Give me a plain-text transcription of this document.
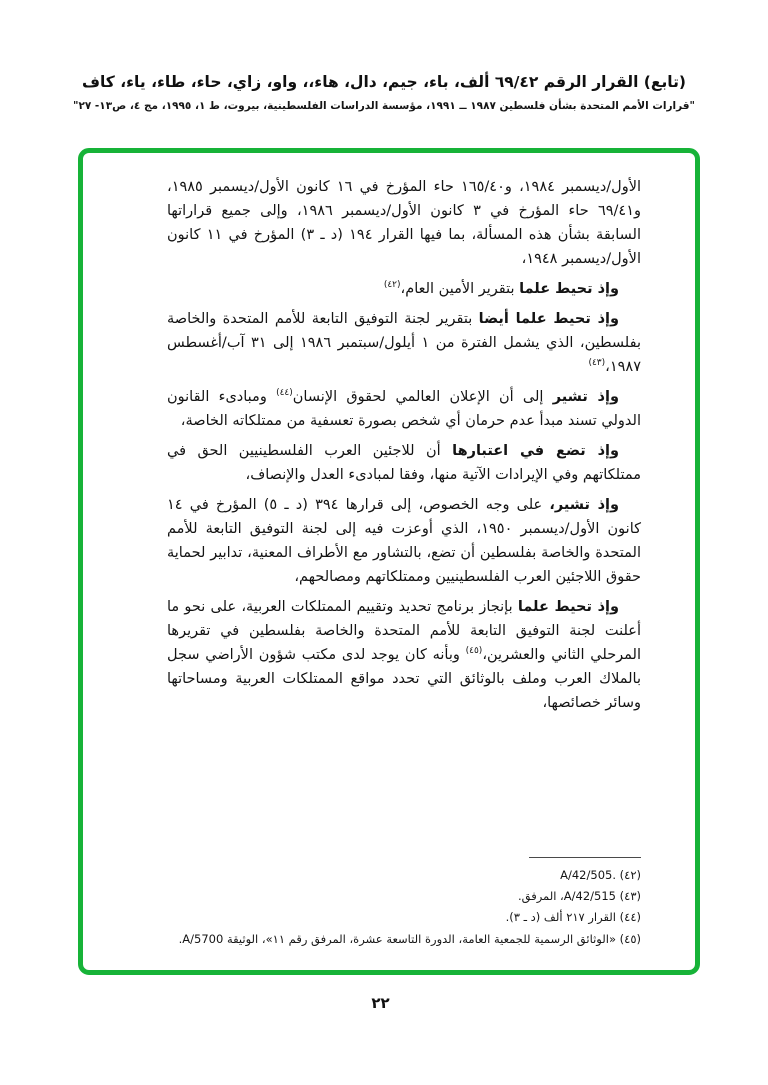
(تابع) القرار الرقم ٦٩/٤٢ ألف، باء، جيم، دال، هاء،، واو، زاي، حاء، طاء، ياء، كاف
"قرارات الأمم المتحدة بشأن فلسطين ١٩٨٧ ــ ١٩٩١، مؤسسة الدراسات الفلسطينية، بيروت، ط ١، ١٩٩٥، مج ٤، ص١٣- ٢٧"

الأول/ديسمبر ١٩٨٤، و١٦٥/٤٠ حاء المؤرخ في ١٦ كانون الأول/ديسمبر ١٩٨٥، و٦٩/٤١ حاء المؤرخ في ٣ كانون الأول/ديسمبر ١٩٨٦، وإلى جميع قراراتها السابقة بشأن هذه المسألة، بما فيها القرار ١٩٤ (د ـ ٣) المؤرخ في ١١ كانون الأول/ديسمبر ١٩٤٨،

وإذ تحيط علما بتقرير الأمين العام،$^{(٤٢)}$

وإذ تحيط علما أيضا بتقرير لجنة التوفيق التابعة للأمم المتحدة والخاصة بفلسطين، الذي يشمل الفترة من ١ أيلول/سبتمبر ١٩٨٦ إلى ٣١ آب/أغسطس ١٩٨٧،$^{(٤٣)}$

وإذ تشير إلى أن الإعلان العالمي لحقوق الإنسان$^{(٤٤)}$ ومبادىء القانون الدولي تسند مبدأ عدم حرمان أي شخص بصورة تعسفية من ممتلكاته الخاصة،

وإذ تضع في اعتبارها أن للاجئين العرب الفلسطينيين الحق في ممتلكاتهم وفي الإيرادات الآتية منها، وفقا لمبادىء العدل والإنصاف،

وإذ تشير، على وجه الخصوص، إلى قرارها ٣٩٤ (د ـ ٥) المؤرخ في ١٤ كانون الأول/ديسمبر ١٩٥٠، الذي أوعزت فيه إلى لجنة التوفيق التابعة للأمم المتحدة والخاصة بفلسطين أن تضع، بالتشاور مع الأطراف المعنية، تدابير لحماية حقوق اللاجئين العرب الفلسطينيين وممتلكاتهم ومصالحهم،

وإذ تحيط علما بإنجاز برنامج تحديد وتقييم الممتلكات العربية، على نحو ما أعلنت لجنة التوفيق التابعة للأمم المتحدة والخاصة بفلسطين في تقريرها المرحلي الثاني والعشرين،$^{(٤٥)}$ وبأنه كان يوجد لدى مكتب شؤون الأراضي سجل بالملاك العرب وملف بالوثائق التي تحدد مواقع الممتلكات العربية ومساحاتها وسائر خصائصها،

(٤٢) A/42/505.‎
(٤٣) A/42/515، المرفق.
(٤٤) القرار ٢١٧ ألف (د ـ ٣).
(٤٥) «الوثائق الرسمية للجمعية العامة، الدورة التاسعة عشرة، المرفق رقم ١١»، الوثيقة A/5700.
٢٢
